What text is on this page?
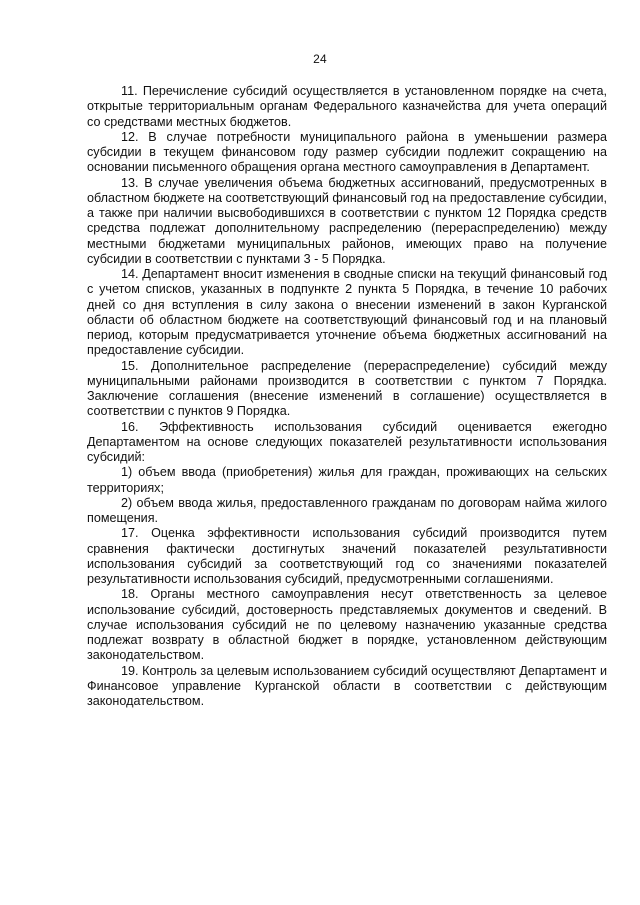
24

11. Перечисление субсидий осуществляется в установленном порядке на счета, открытые территориальным органам Федерального казначейства для учета операций со средствами местных бюджетов.

12. В случае потребности муниципального района в уменьшении размера субсидии в текущем финансовом году размер субсидии подлежит сокращению на основании письменного обращения органа местного самоуправления в Департамент.

13. В случае увеличения объема бюджетных ассигнований, предусмотренных в областном бюджете на соответствующий финансовый год на предоставление субсидии, а также при наличии высвободившихся в соответствии с пунктом 12 Порядка средств средства подлежат дополнительному распределению (перераспределению) между местными бюджетами муниципальных районов, имеющих право на получение субсидии в соответствии с пунктами 3 - 5 Порядка.

14. Департамент вносит изменения в сводные списки на текущий финансовый год с учетом списков, указанных в подпункте 2 пункта 5 Порядка, в течение 10 рабочих дней со дня вступления в силу закона о внесении изменений в закон Курганской области об областном бюджете на соответствующий финансовый год и на плановый период, которым предусматривается уточнение объема бюджетных ассигнований на предоставление субсидии.

15. Дополнительное распределение (перераспределение) субсидий между муниципальными районами производится в соответствии с пунктом 7 Порядка. Заключение соглашения (внесение изменений в соглашение) осуществляется в соответствии с пунктов 9 Порядка.

16. Эффективность использования субсидий оценивается ежегодно Департаментом на основе следующих показателей результативности использования субсидий:

1) объем ввода (приобретения) жилья для граждан, проживающих на сельских территориях;

2) объем ввода жилья, предоставленного гражданам по договорам найма жилого помещения.

17. Оценка эффективности использования субсидий производится путем сравнения фактически достигнутых значений показателей результативности использования субсидий за соответствующий год со значениями показателей результативности использования субсидий, предусмотренными соглашениями.

18. Органы местного самоуправления несут ответственность за целевое использование субсидий, достоверность представляемых документов и сведений. В случае использования субсидий не по целевому назначению указанные средства подлежат возврату в областной бюджет в порядке, установленном действующим законодательством.

19. Контроль за целевым использованием субсидий осуществляют Департамент и Финансовое управление Курганской области в соответствии с действующим законодательством.
